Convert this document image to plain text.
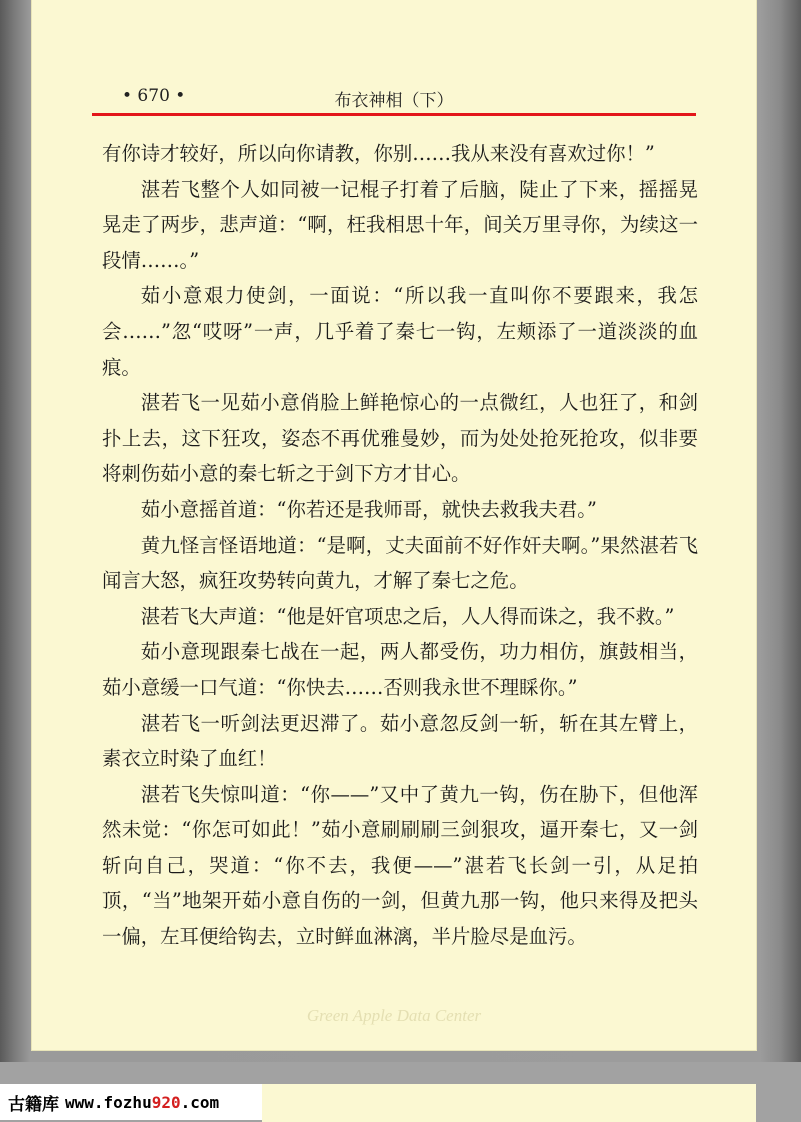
• 670 •	布衣神相（下）

有你诗才较好，所以向你请教，你别……我从来没有喜欢过你！”

湛若飞整个人如同被一记棍子打着了后脑，陡止了下来，摇摇晃晃走了两步，悲声道：“啊，枉我相思十年，间关万里寻你，为续这一段情……。”

茹小意艰力使剑，一面说：“所以我一直叫你不要跟来，我怎会……”忽“哎呀”一声，几乎着了秦七一钩，左颊添了一道淡淡的血痕。

湛若飞一见茹小意俏脸上鲜艳惊心的一点微红，人也狂了，和剑扑上去，这下狂攻，姿态不再优雅曼妙，而为处处抢死抢攻，似非要将刺伤茹小意的秦七斩之于剑下方才甘心。

茹小意摇首道：“你若还是我师哥，就快去救我夫君。”

黄九怪言怪语地道：“是啊，丈夫面前不好作奸夫啊。”果然湛若飞闻言大怒，疯狂攻势转向黄九，才解了秦七之危。

湛若飞大声道：“他是奸官项忠之后，人人得而诛之，我不救。”

茹小意现跟秦七战在一起，两人都受伤，功力相仿，旗鼓相当，茹小意缓一口气道：“你快去……否则我永世不理睬你。”

湛若飞一听剑法更迟滞了。茹小意忽反剑一斩，斩在其左臂上，素衣立时染了血红！

湛若飞失惊叫道：“你——”又中了黄九一钩，伤在胁下，但他浑然未觉：“你怎可如此！”茹小意刷刷刷三剑狠攻，逼开秦七，又一剑斩向自己，哭道：“你不去，我便——”湛若飞长剑一引，从足拍顶，“当”地架开茹小意自伤的一剑，但黄九那一钩，他只来得及把头一偏，左耳便给钩去，立时鲜血淋漓，半片脸尽是血污。

Green Apple Data Center
古籍库 www.fozhu920.com
